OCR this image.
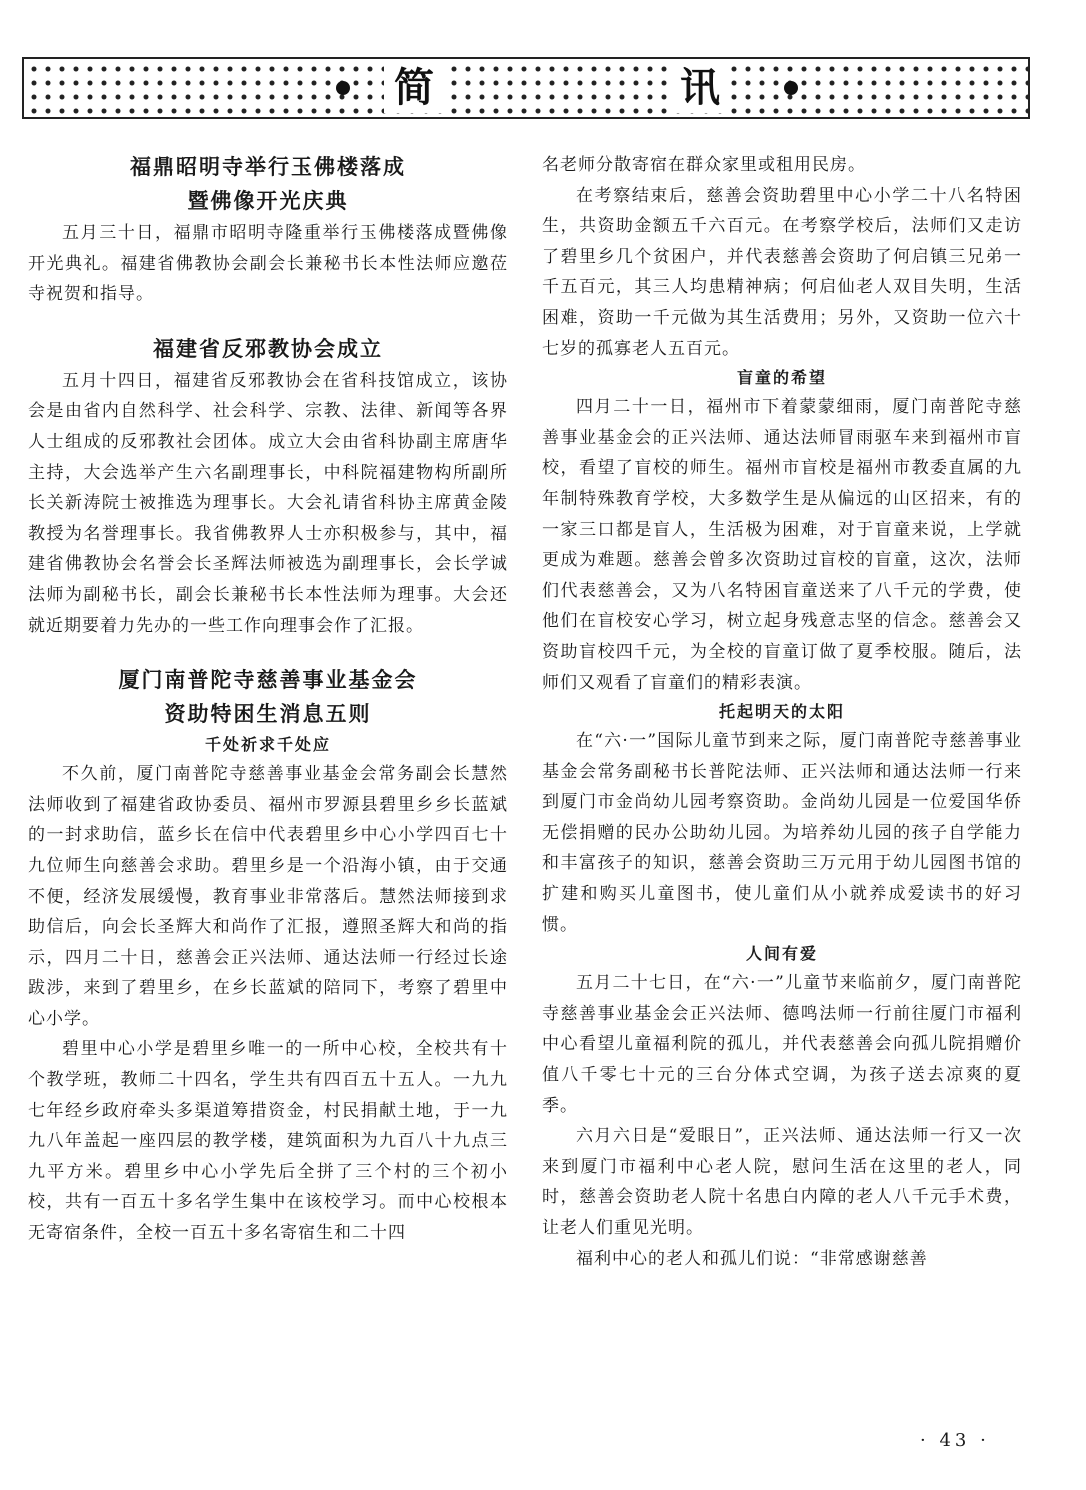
简	讯
福鼎昭明寺举行玉佛楼落成
暨佛像开光庆典

五月三十日，福鼎市昭明寺隆重举行玉佛楼落成暨佛像开光典礼。福建省佛教协会副会长兼秘书长本性法师应邀莅寺祝贺和指导。

福建省反邪教协会成立

五月十四日，福建省反邪教协会在省科技馆成立，该协会是由省内自然科学、社会科学、宗教、法律、新闻等各界人士组成的反邪教社会团体。成立大会由省科协副主席唐华主持，大会选举产生六名副理事长，中科院福建物构所副所长关新涛院士被推选为理事长。大会礼请省科协主席黄金陵教授为名誉理事长。我省佛教界人士亦积极参与，其中，福建省佛教协会名誉会长圣辉法师被选为副理事长，会长学诚法师为副秘书长，副会长兼秘书长本性法师为理事。大会还就近期要着力先办的一些工作向理事会作了汇报。

厦门南普陀寺慈善事业基金会
资助特困生消息五则
千处祈求千处应

不久前，厦门南普陀寺慈善事业基金会常务副会长慧然法师收到了福建省政协委员、福州市罗源县碧里乡乡长蓝斌的一封求助信，蓝乡长在信中代表碧里乡中心小学四百七十九位师生向慈善会求助。碧里乡是一个沿海小镇，由于交通不便，经济发展缓慢，教育事业非常落后。慧然法师接到求助信后，向会长圣辉大和尚作了汇报，遵照圣辉大和尚的指示，四月二十日，慈善会正兴法师、通达法师一行经过长途跋涉，来到了碧里乡，在乡长蓝斌的陪同下，考察了碧里中心小学。

碧里中心小学是碧里乡唯一的一所中心校，全校共有十个教学班，教师二十四名，学生共有四百五十五人。一九九七年经乡政府牵头多渠道筹措资金，村民捐献土地，于一九九八年盖起一座四层的教学楼，建筑面积为九百八十九点三九平方米。碧里乡中心小学先后全拼了三个村的三个初小校，共有一百五十多名学生集中在该校学习。而中心校根本无寄宿条件，全校一百五十多名寄宿生和二十四

名老师分散寄宿在群众家里或租用民房。

在考察结束后，慈善会资助碧里中心小学二十八名特困生，共资助金额五千六百元。在考察学校后，法师们又走访了碧里乡几个贫困户，并代表慈善会资助了何启镇三兄弟一千五百元，其三人均患精神病；何启仙老人双目失明，生活困难，资助一千元做为其生活费用；另外，又资助一位六十七岁的孤寡老人五百元。

盲童的希望

四月二十一日，福州市下着蒙蒙细雨，厦门南普陀寺慈善事业基金会的正兴法师、通达法师冒雨驱车来到福州市盲校，看望了盲校的师生。福州市盲校是福州市教委直属的九年制特殊教育学校，大多数学生是从偏远的山区招来，有的一家三口都是盲人，生活极为困难，对于盲童来说，上学就更成为难题。慈善会曾多次资助过盲校的盲童，这次，法师们代表慈善会，又为八名特困盲童送来了八千元的学费，使他们在盲校安心学习，树立起身残意志坚的信念。慈善会又资助盲校四千元，为全校的盲童订做了夏季校服。随后，法师们又观看了盲童们的精彩表演。

托起明天的太阳

在“六·一”国际儿童节到来之际，厦门南普陀寺慈善事业基金会常务副秘书长普陀法师、正兴法师和通达法师一行来到厦门市金尚幼儿园考察资助。金尚幼儿园是一位爱国华侨无偿捐赠的民办公助幼儿园。为培养幼儿园的孩子自学能力和丰富孩子的知识，慈善会资助三万元用于幼儿园图书馆的扩建和购买儿童图书，使儿童们从小就养成爱读书的好习惯。

人间有爱

五月二十七日，在“六·一”儿童节来临前夕，厦门南普陀寺慈善事业基金会正兴法师、德鸣法师一行前往厦门市福利中心看望儿童福利院的孤儿，并代表慈善会向孤儿院捐赠价值八千零七十元的三台分体式空调，为孩子送去凉爽的夏季。

六月六日是“爱眼日”，正兴法师、通达法师一行又一次来到厦门市福利中心老人院，慰问生活在这里的老人，同时，慈善会资助老人院十名患白内障的老人八千元手术费，让老人们重见光明。

福利中心的老人和孤儿们说：“非常感谢慈善

· 43 ·
